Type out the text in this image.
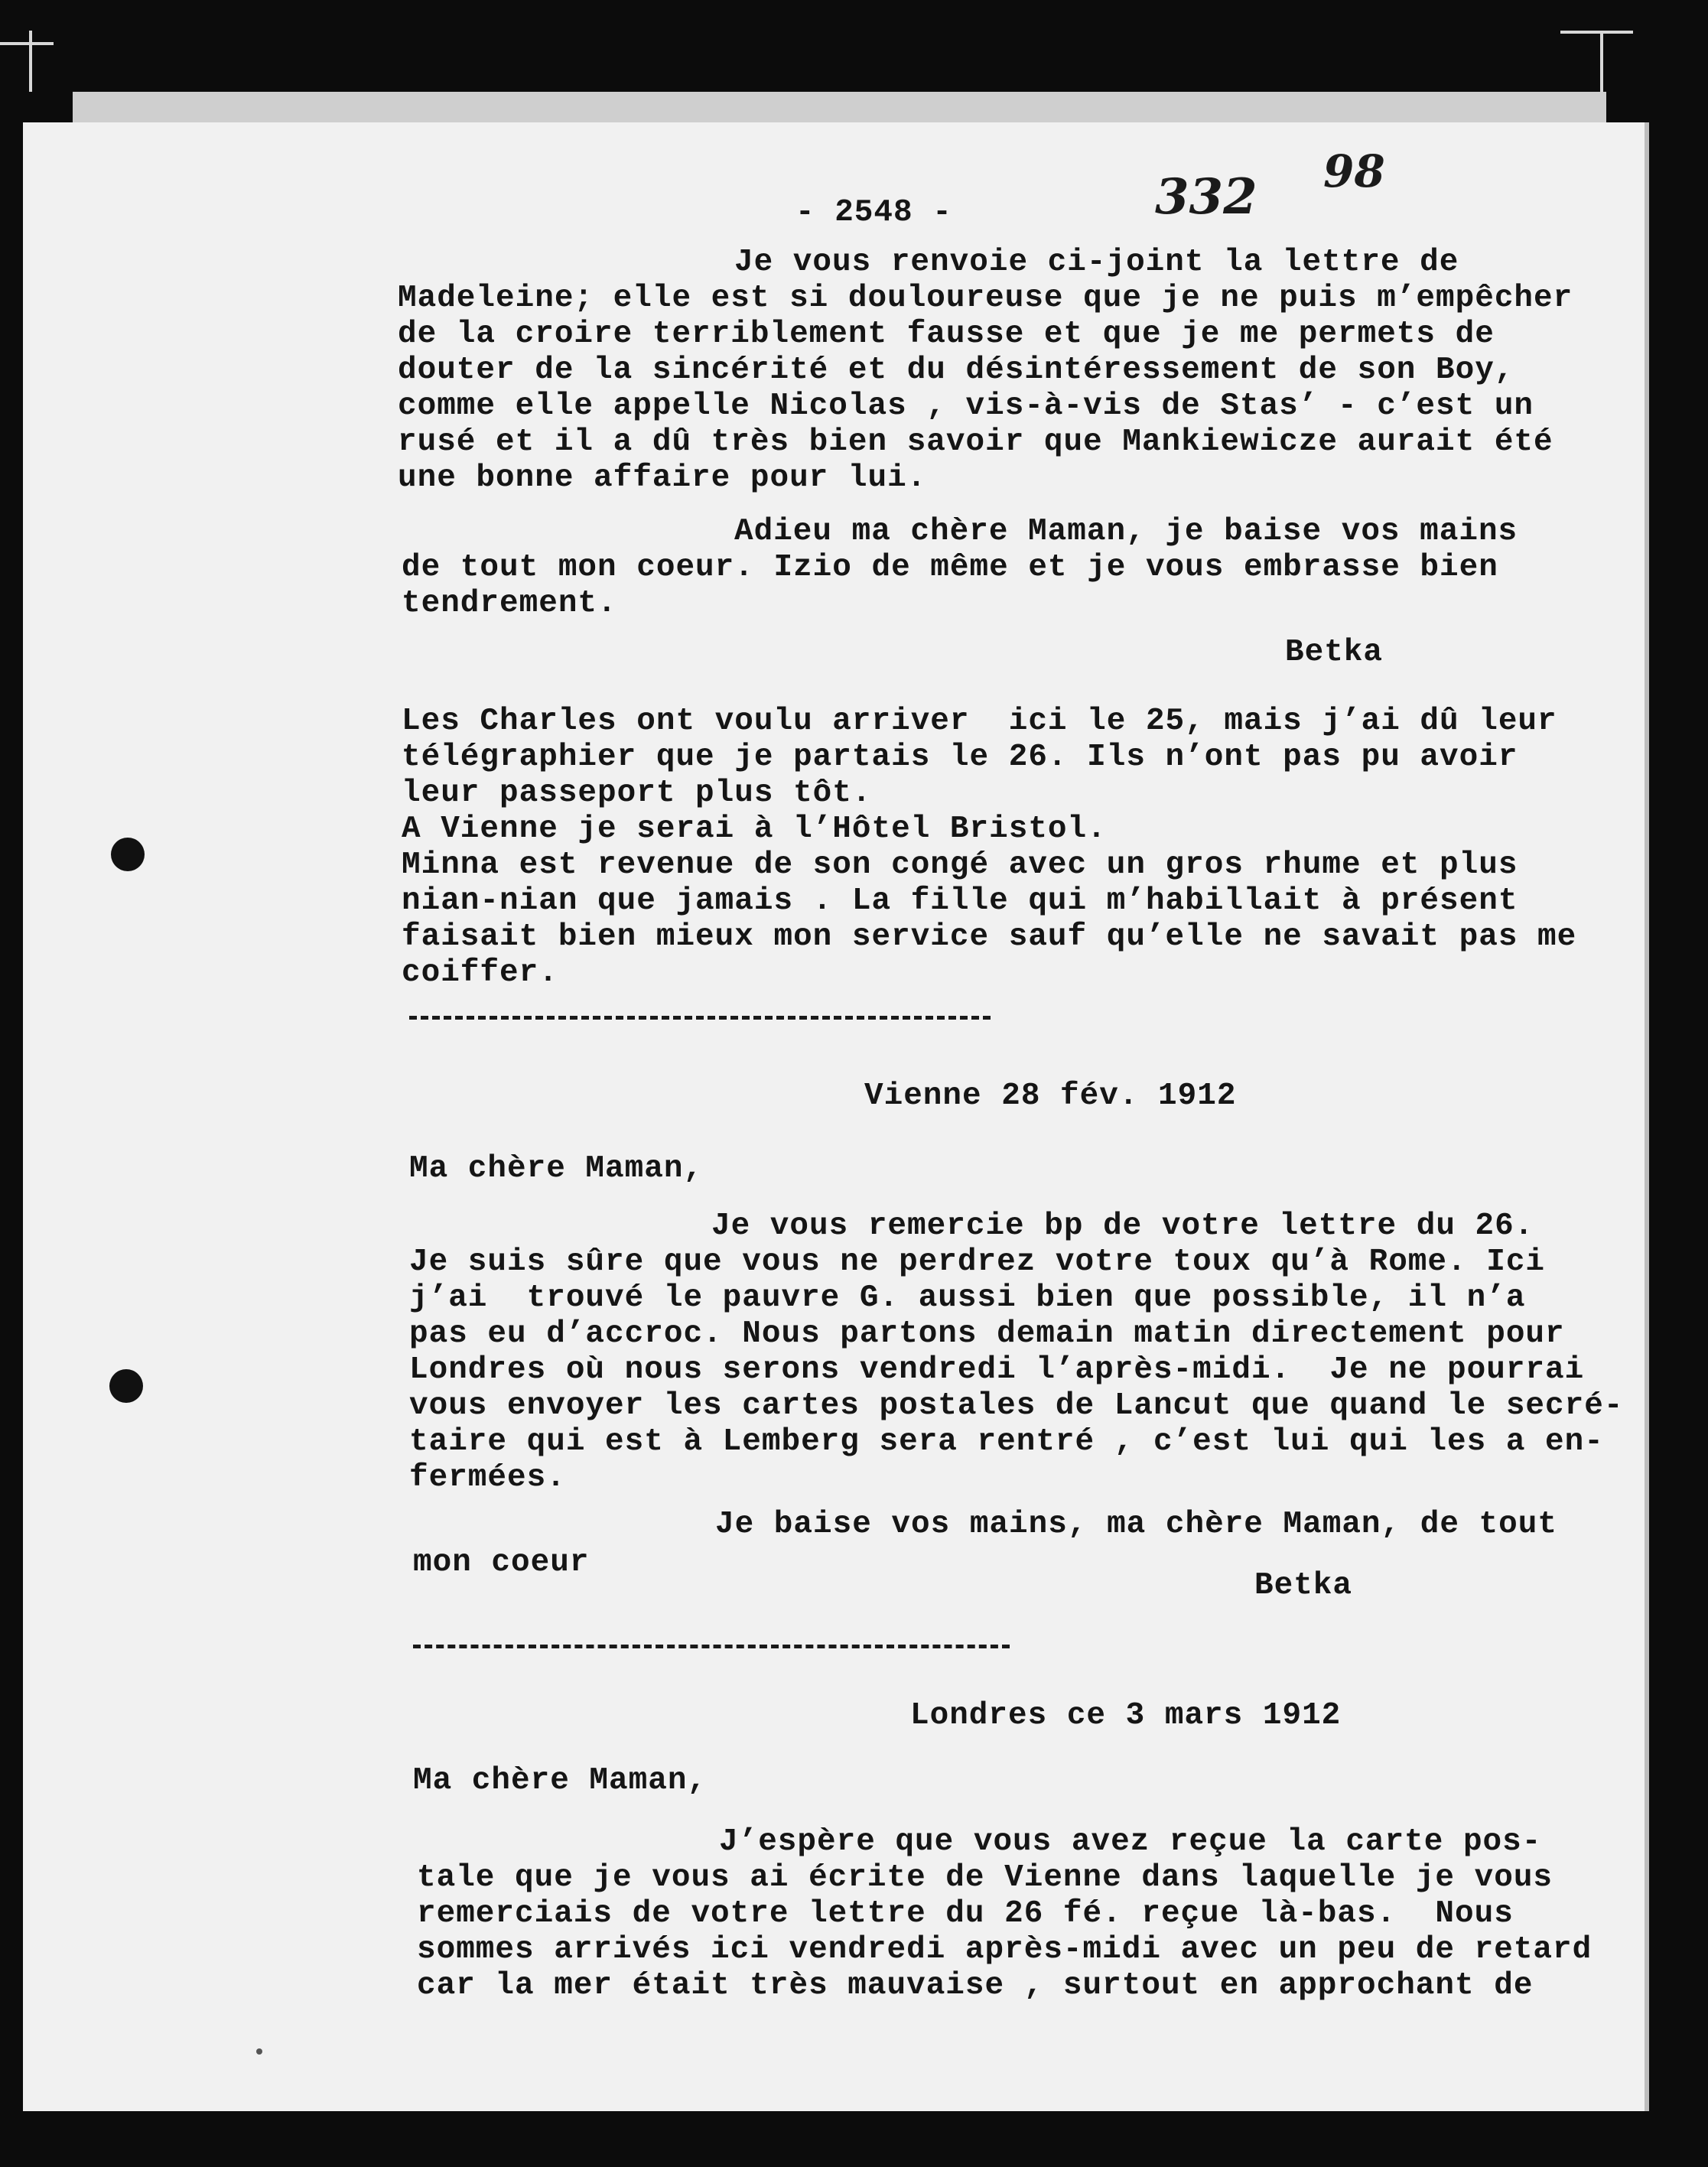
- 2548 -	332 98
Je vous renvoie ci-joint la lettre de
Madeleine; elle est si douloureuse que je ne puis m’empêcher
de la croire terriblement fausse et que je me permets de
douter de la sincérité et du désintéressement de son Boy,
comme elle appelle Nicolas , vis-à-vis de Stas’ - c’est un
rusé et il a dû très bien savoir que Mankiewicze aurait été
une bonne affaire pour lui.
Adieu ma chère Maman, je baise vos mains
de tout mon coeur. Izio de même et je vous embrasse bien
tendrement.
Betka
Les Charles ont voulu arriver  ici le 25, mais j’ai dû leur
télégraphier que je partais le 26. Ils n’ont pas pu avoir
leur passeport plus tôt.
A Vienne je serai à l’Hôtel Bristol.
Minna est revenue de son congé avec un gros rhume et plus
nian-nian que jamais . La fille qui m’habillait à présent
faisait bien mieux mon service sauf qu’elle ne savait pas me
coiffer.
Vienne 28 fév. 1912
Ma chère Maman,
Je vous remercie bp de votre lettre du 26.
Je suis sûre que vous ne perdrez votre toux qu’à Rome. Ici
j’ai  trouvé le pauvre G. aussi bien que possible, il n’a
pas eu d’accroc. Nous partons demain matin directement pour
Londres où nous serons vendredi l’après-midi.  Je ne pourrai
vous envoyer les cartes postales de Lancut que quand le secré-
taire qui est à Lemberg sera rentré , c’est lui qui les a en-
fermées.
Je baise vos mains, ma chère Maman, de tout
mon coeur
Betka
Londres ce 3 mars 1912
Ma chère Maman,
J’espère que vous avez reçue la carte pos-
tale que je vous ai écrite de Vienne dans laquelle je vous
remerciais de votre lettre du 26 fé. reçue là-bas.  Nous
sommes arrivés ici vendredi après-midi avec un peu de retard
car la mer était très mauvaise , surtout en approchant de
